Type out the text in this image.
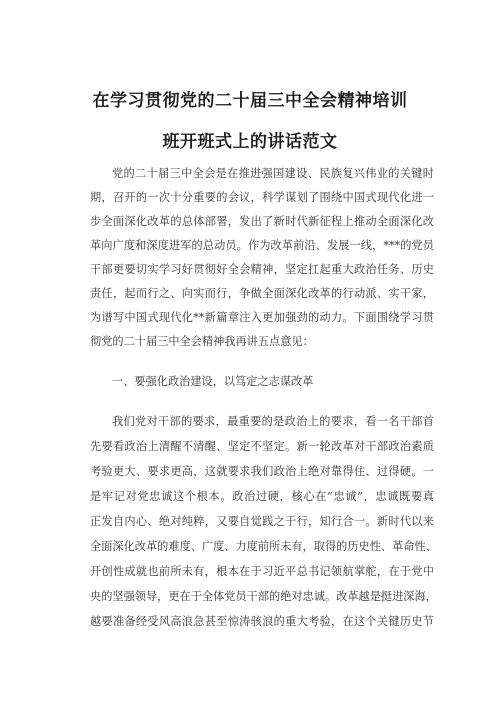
在学习贯彻党的二十届三中全会精神培训
班开班式上的讲话范文
党的二十届三中全会是在推进强国建设、民族复兴伟业的关键时
期，召开的一次十分重要的会议，科学谋划了围绕中国式现代化进一
步全面深化改革的总体部署，发出了新时代新征程上推动全面深化改
革向广度和深度进军的总动员。作为改革前沿、发展一线，***的党员
干部更要切实学习好贯彻好全会精神，坚定扛起重大政治任务、历史
责任，起而行之、向实而行，争做全面深化改革的行动派、实干家，
为谱写中国式现代化**新篇章注入更加强劲的动力。下面围绕学习贯
彻党的二十届三中全会精神我再讲五点意见：
一、要强化政治建设，以笃定之志谋改革
我们党对干部的要求，最重要的是政治上的要求，看一名干部首
先要看政治上清醒不清醒、坚定不坚定。新一轮改革对干部政治素质
考验更大、要求更高，这就要求我们政治上绝对靠得住、过得硬。一
是牢记对党忠诚这个根本。政治过硬，核心在“忠诚”，忠诚既要真
正发自内心、绝对纯粹，又要自觉践之于行，知行合一。新时代以来
全面深化改革的难度、广度、力度前所未有，取得的历史性、革命性、
开创性成就也前所未有，根本在于习近平总书记领航掌舵，在于党中
央的坚强领导，更在于全体党员干部的绝对忠诚。改革越是挺进深海，
越要准备经受风高浪急甚至惊涛骇浪的重大考验，在这个关键历史节
